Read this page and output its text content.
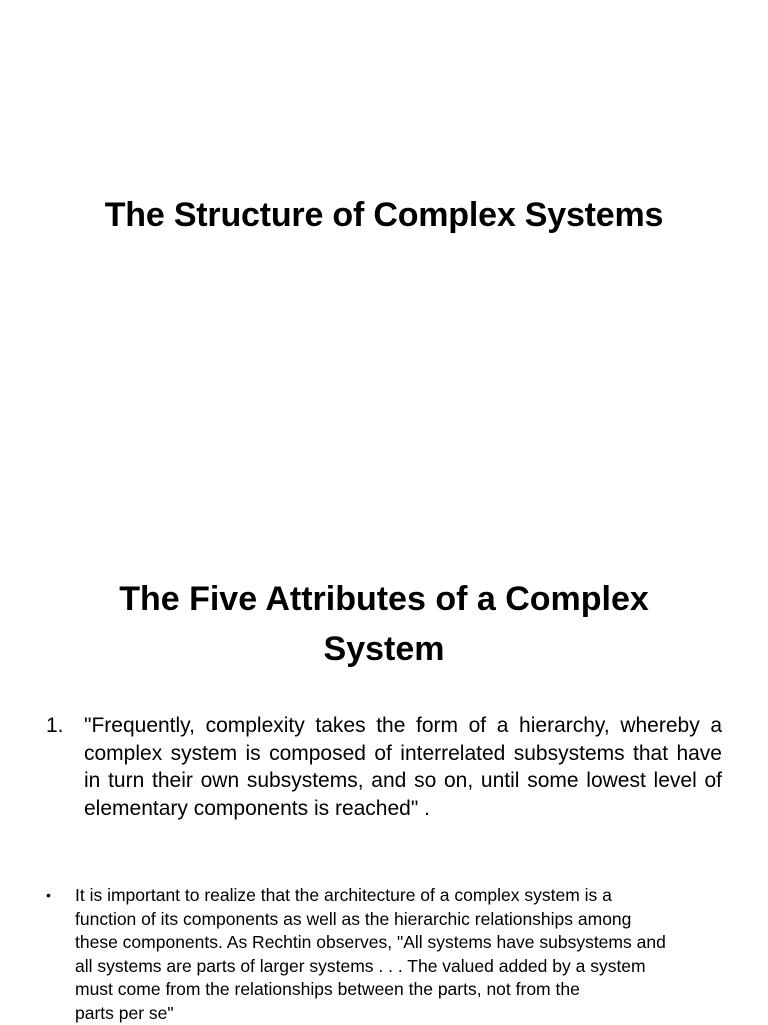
The Structure of Complex Systems
The Five Attributes of a Complex System
1. "Frequently, complexity takes the form of a hierarchy, whereby a complex system is composed of interrelated subsystems that have in turn their own subsystems, and so on, until some lowest level of elementary components is reached" .
•	It is important to realize that the architecture of a complex system is a
function of its components as well as the hierarchic relationships among
these components. As Rechtin observes, "All systems have subsystems and
all systems are parts of larger systems . . . The valued added by a system
must come from the relationships between the parts, not from the
parts per se"
